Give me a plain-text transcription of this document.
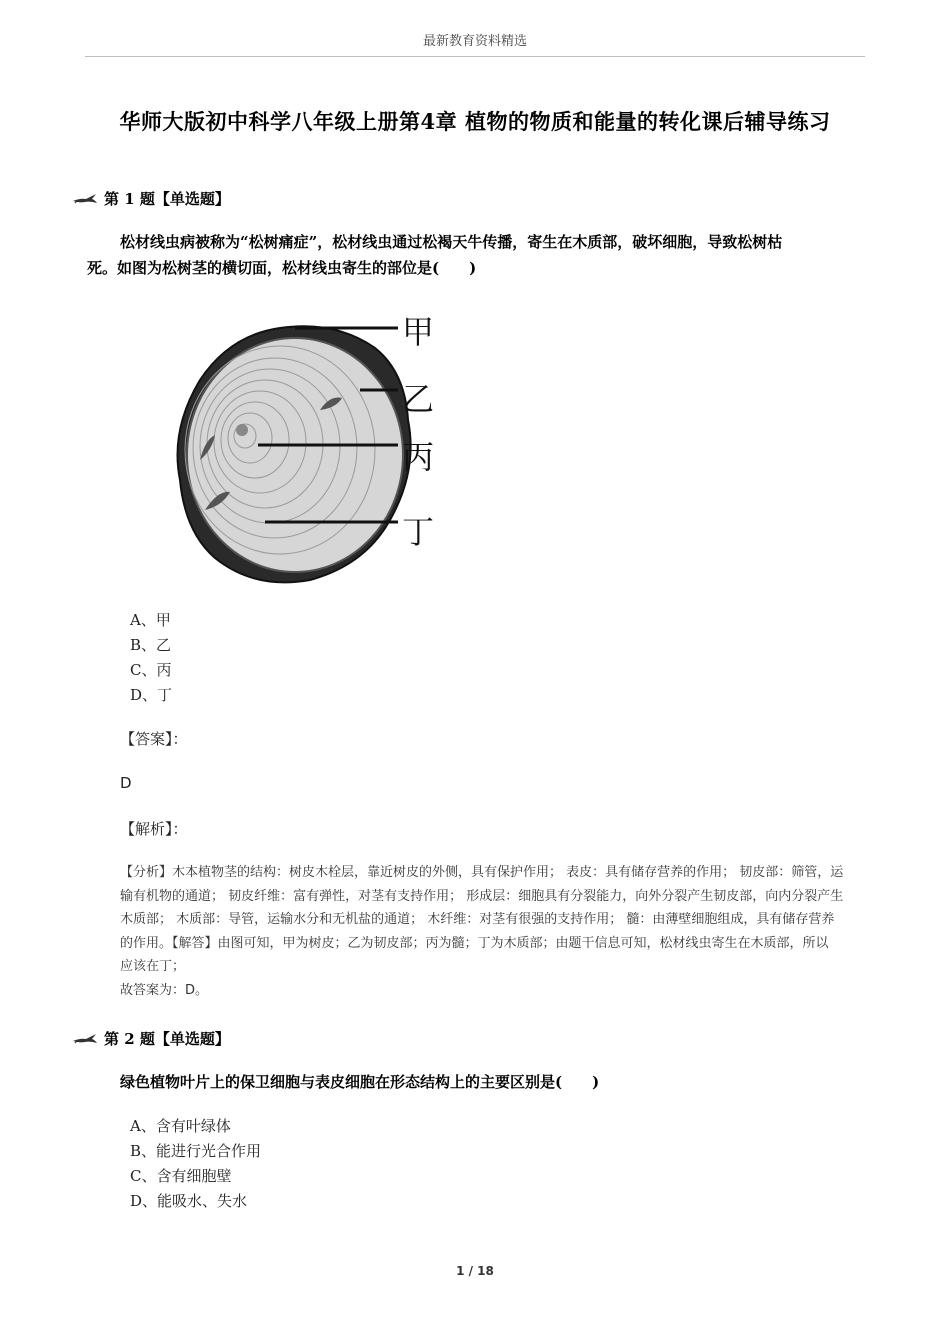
最新教育资料精选
华师大版初中科学八年级上册第4章 植物的物质和能量的转化课后辅导练习
第 1 题【单选题】
松材线虫病被称为“松树痛症”，松材线虫通过松褐天牛传播，寄生在木质部，破坏细胞，导致松树枯
死。如图为松树茎的横切面，松材线虫寄生的部位是(　　)
甲
乙
丙
丁
A、甲
B、乙
C、丙
D、丁
【答案】：
D
【解析】：
【分析】木本植物茎的结构：树皮木栓层，靠近树皮的外侧，具有保护作用； 表皮：具有储存营养的作用； 韧皮部：筛管，运
输有机物的通道； 韧皮纤维：富有弹性，对茎有支持作用； 形成层：细胞具有分裂能力，向外分裂产生韧皮部，向内分裂产生
木质部； 木质部：导管，运输水分和无机盐的通道； 木纤维：对茎有很强的支持作用； 髓：由薄壁细胞组成，具有储存营养
的作用。【解答】由图可知，甲为树皮；乙为韧皮部；丙为髓；丁为木质部；由题干信息可知，松材线虫寄生在木质部，所以
应该在丁；
故答案为：D。
第 2 题【单选题】
绿色植物叶片上的保卫细胞与表皮细胞在形态结构上的主要区别是(　　)
A、含有叶绿体
B、能进行光合作用
C、含有细胞壁
D、能吸水、失水
1 / 18
